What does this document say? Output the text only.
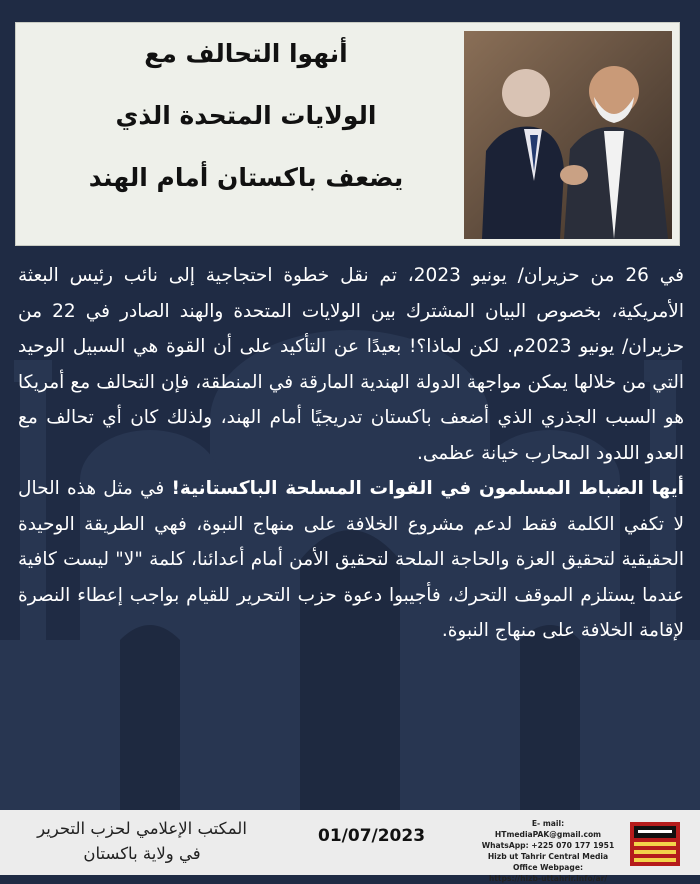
أنهوا التحالف مع
الولايات المتحدة الذي
يضعف باكستان أمام الهند

في 26 من حزيران/ يونيو 2023، تم نقل خطوة احتجاجية إلى نائب رئيس البعثة الأمريكية، بخصوص البيان المشترك بين الولايات المتحدة والهند الصادر في 22 من حزيران/ يونيو 2023م. لكن لماذا؟! بعيدًا عن التأكيد على أن القوة هي السبيل الوحيد التي من خلالها يمكن مواجهة الدولة الهندية المارقة في المنطقة، فإن التحالف مع أمريكا هو السبب الجذري الذي أضعف باكستان تدريجيًا أمام الهند، ولذلك كان أي تحالف مع العدو اللدود المحارب خيانة عظمى.

أيها الضباط المسلمون في القوات المسلحة الباكستانية! في مثل هذه الحال لا تكفي الكلمة فقط لدعم مشروع الخلافة على منهاج النبوة، فهي الطريقة الوحيدة الحقيقية لتحقيق العزة والحاجة الملحة لتحقيق الأمن أمام أعدائنا، كلمة "لا" ليست كافية عندما يستلزم الموقف التحرك، فأجيبوا دعوة حزب التحرير للقيام بواجب إعطاء النصرة لإقامة الخلافة على منهاج النبوة.

المكتب الإعلامي لحزب التحرير
في ولاية باكستان
01/07/2023
E- mail: HTmediaPAK@gmail.com
WhatsApp: +225 070 177 1951
Hizb ut Tahrir Central Media Office Webpage:
https://hizb-uttahrir.info/ar/
